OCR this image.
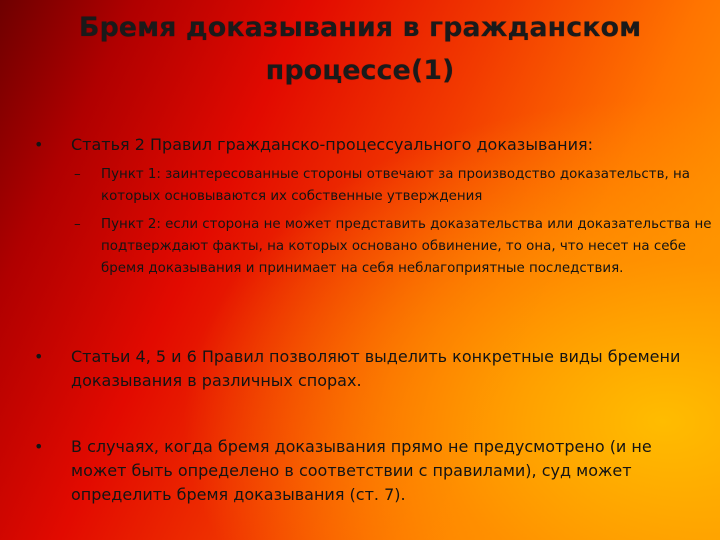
Бремя доказывания в гражданском
процессе(1)
• Статья 2 Правил гражданско-процессуального доказывания:
– Пункт 1: заинтересованные стороны отвечают за производство доказательств, на которых основываются их собственные утверждения
– Пункт 2: если сторона не может представить доказательства или доказательства не подтверждают факты, на которых основано обвинение, то она, что несет на себе бремя доказывания и принимает на себя неблагоприятные последствия.
• Статьи 4, 5 и 6 Правил позволяют выделить конкретные виды бремени доказывания в различных спорах.
• В случаях, когда бремя доказывания прямо не предусмотрено (и не может быть определено в соответствии с правилами), суд может определить бремя доказывания (ст. 7).
